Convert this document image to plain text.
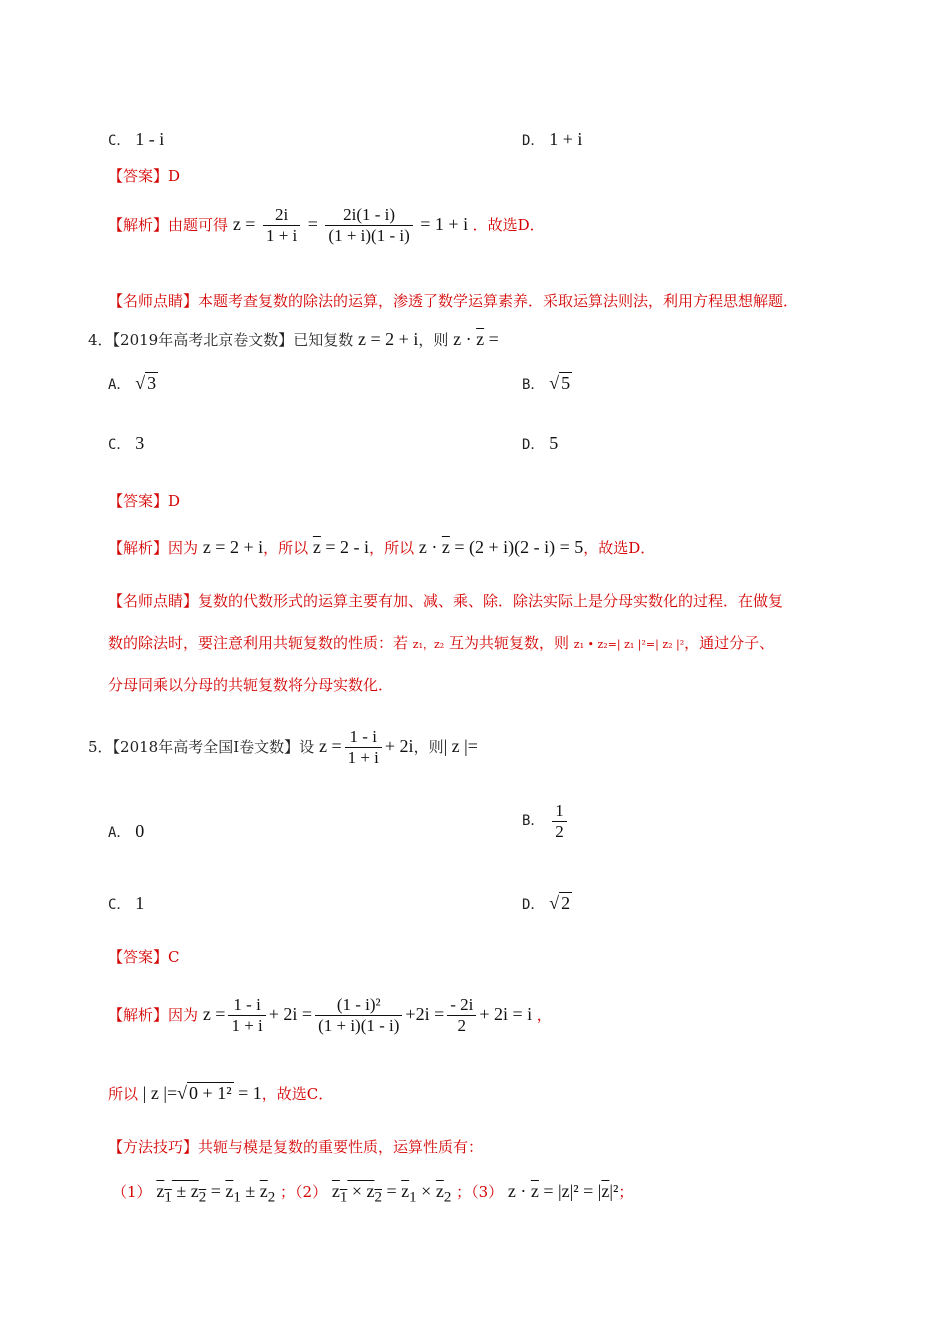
C． 1 - i	D． 1 + i
【答案】D
【解析】由题可得 $z = \frac{2i}{1 + i} = \frac{2i(1 - i)}{(1 + i)(1 - i)} = 1 + i$ ．故选D．
【名师点睛】本题考查复数的除法的运算，渗透了数学运算素养．采取运算法则法，利用方程思想解题．
4．【2019年高考北京卷文数】已知复数 z = 2 + i，则 $z \cdot \overline{z}$ =
A． √ 3	B． √ 5
C． 3	D． 5
【答案】D
【解析】因为 z = 2 + i，所以 $\overline{z} = 2 - i$，所以 $z \cdot \overline{z} = (2 + i)(2 - i) = 5$，故选D．
【名师点睛】复数的代数形式的运算主要有加、减、乘、除．除法实际上是分母实数化的过程．在做复
数的除法时，要注意利用共轭复数的性质：若 z₁，z₂ 互为共轭复数，则 z₁ • z₂=| z₁ |²=| z₂ |²，通过分子、
分母同乘以分母的共轭复数将分母实数化．
5．【2018年高考全国Ⅰ卷文数】设 $z = \frac{1 - i}{1 + i} + 2i$，则| z |=
A． 0	B． $\frac{1}{2}$
C． 1	D． √ 2
【答案】C
【解析】因为 $z = \frac{1 - i}{1 + i} + 2i = \frac{\text{(1 - i)²}}{(1 + i)(1 - i)} +2i = \frac{- 2i}{2} + 2i = i$ ，
所以 | z |=√ 0 + 1² = 1，故选C．
【方法技巧】共轭与模是复数的重要性质，运算性质有：
（1） $z_1 \pm z_2 = \overline{z}_1 \pm \overline{z}_2$ ；（2） $z_1 \times z_2 = \overline{z}_1 \times \overline{z}_2$ ；（3） $z \cdot \overline{z} = |z|^2 = |\overline{z}|^2$；
